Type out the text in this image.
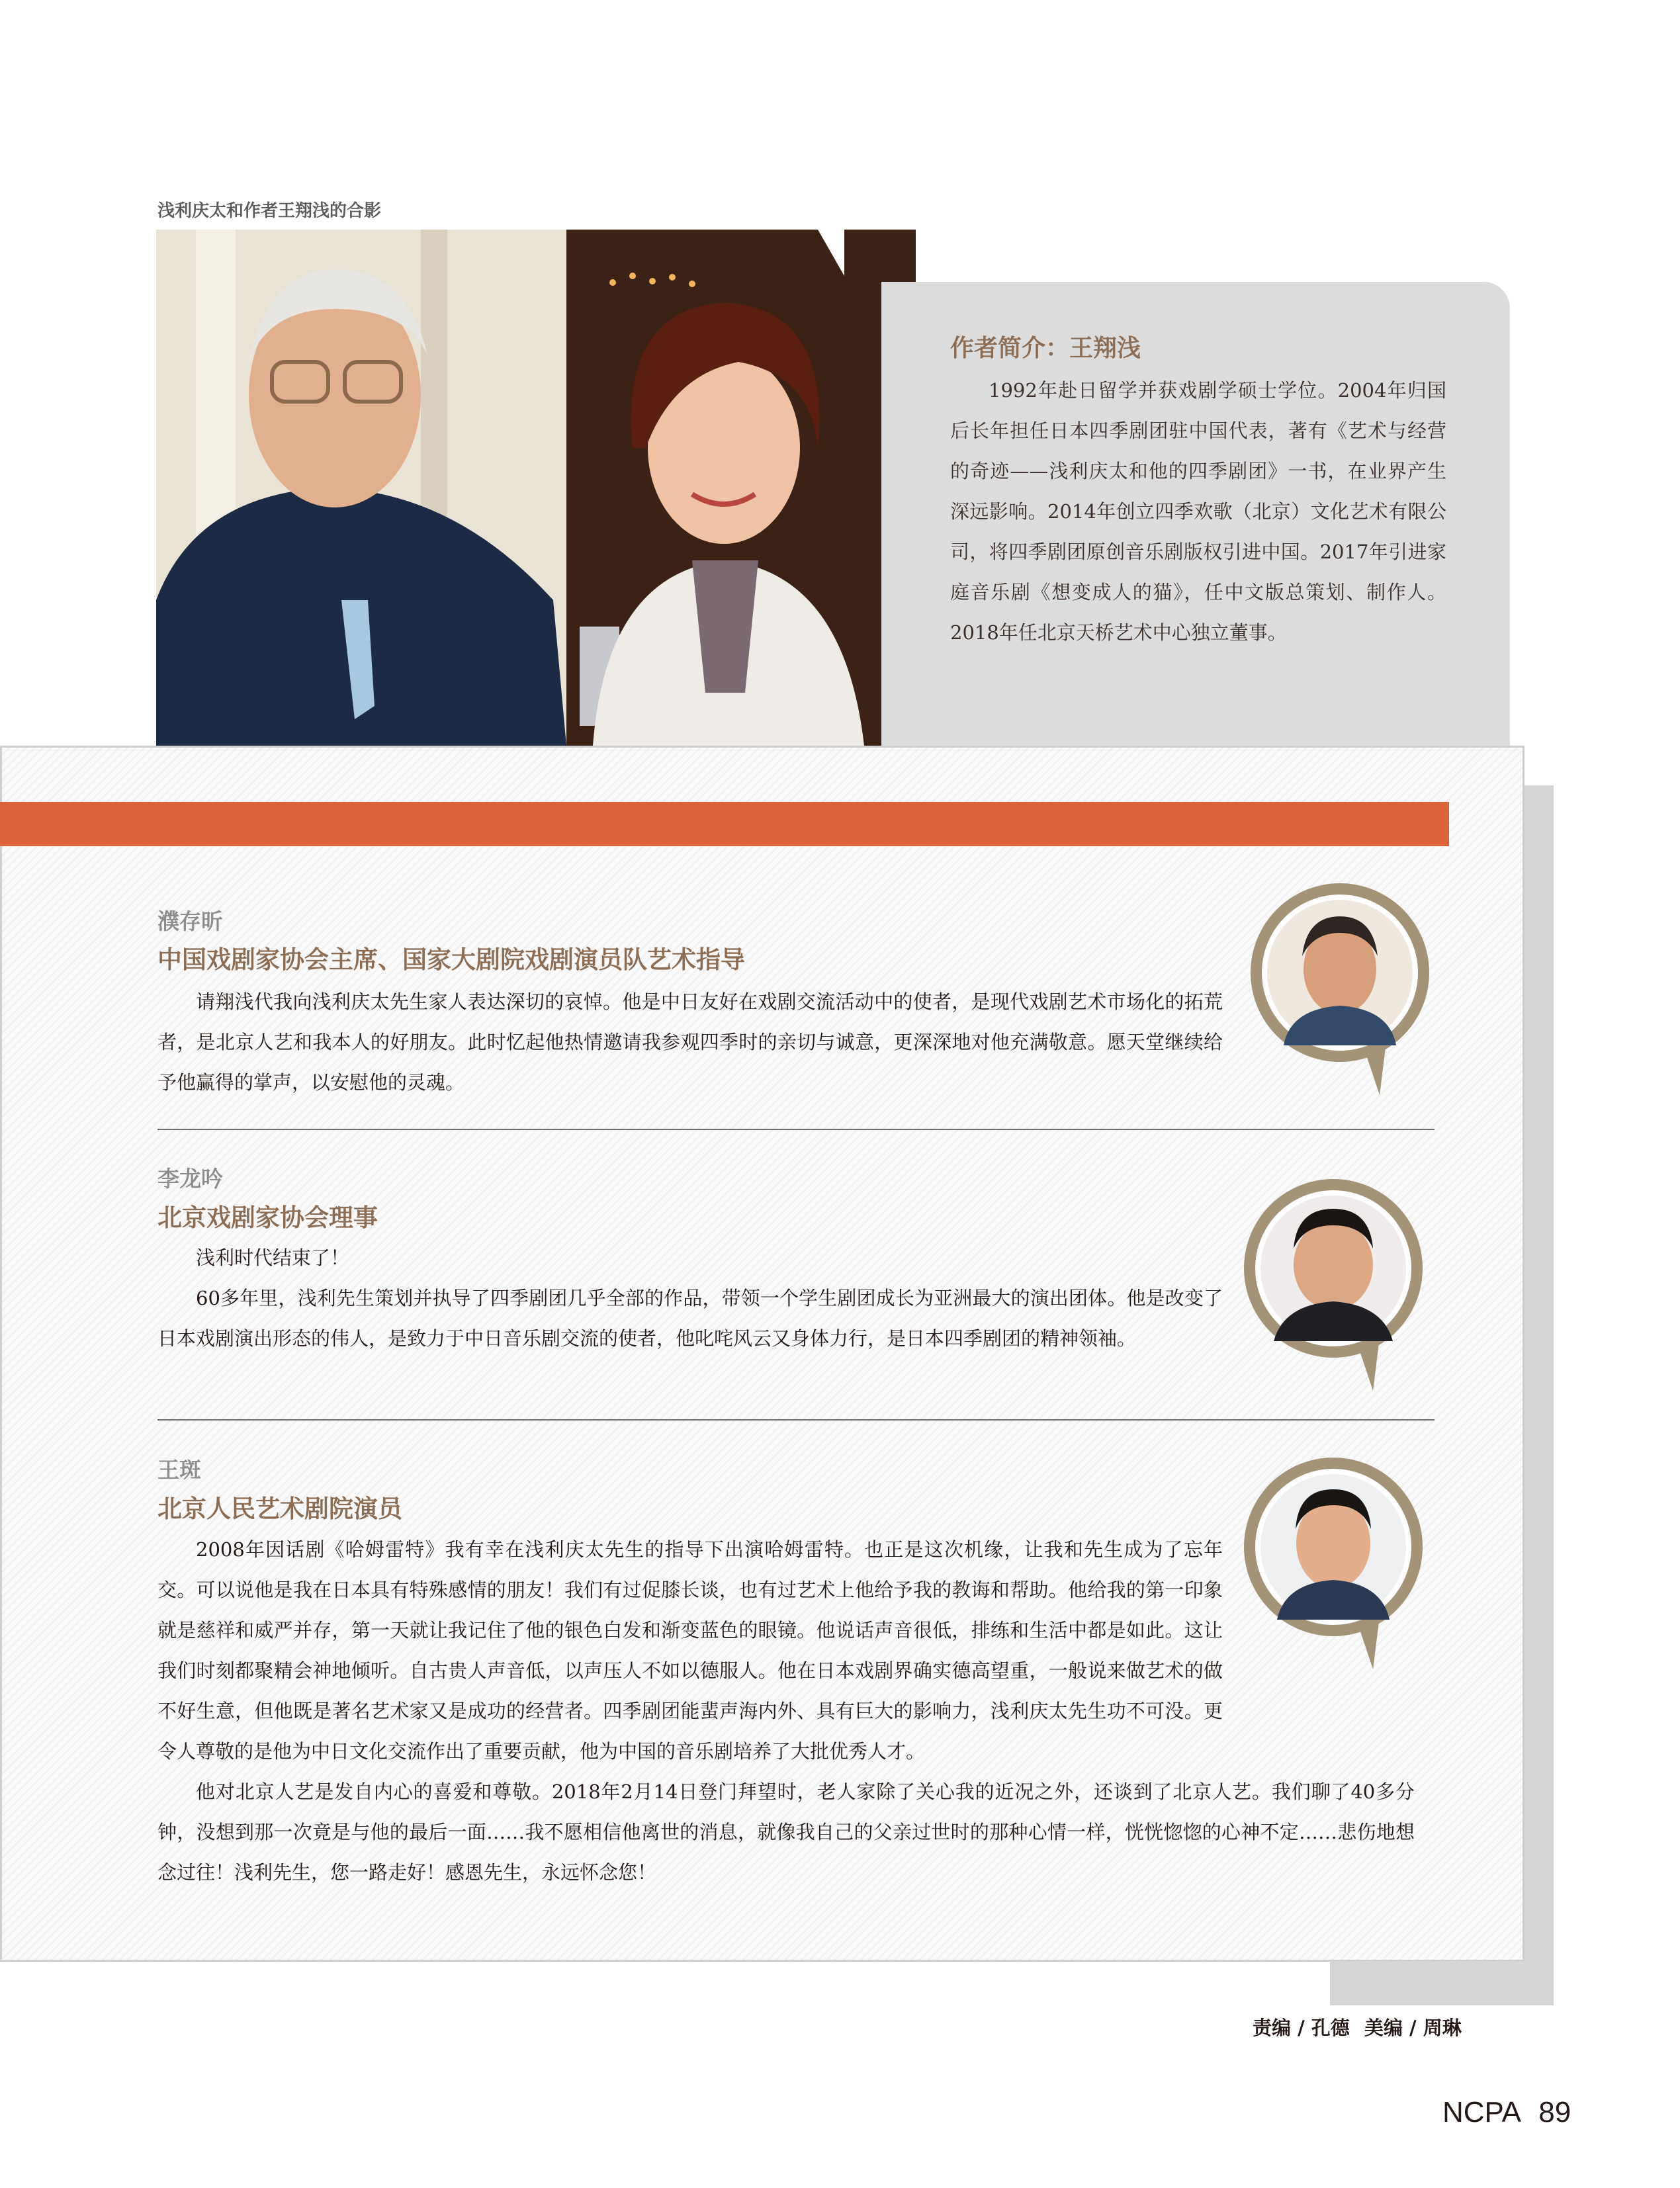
浅利庆太和作者王翔浅的合影
作者简介：王翔浅
1992年赴日留学并获戏剧学硕士学位。2004年归国后长年担任日本四季剧团驻中国代表，著有《艺术与经营的奇迹——浅利庆太和他的四季剧团》一书，在业界产生深远影响。2014年创立四季欢歌（北京）文化艺术有限公司，将四季剧团原创音乐剧版权引进中国。2017年引进家庭音乐剧《想变成人的猫》，任中文版总策划、制作人。2018年任北京天桥艺术中心独立董事。
濮存昕
中国戏剧家协会主席、国家大剧院戏剧演员队艺术指导

请翔浅代我向浅利庆太先生家人表达深切的哀悼。他是中日友好在戏剧交流活动中的使者，是现代戏剧艺术市场化的拓荒者，是北京人艺和我本人的好朋友。此时忆起他热情邀请我参观四季时的亲切与诚意，更深深地对他充满敬意。愿天堂继续给予他赢得的掌声，以安慰他的灵魂。

李龙吟
北京戏剧家协会理事

浅利时代结束了！

60多年里，浅利先生策划并执导了四季剧团几乎全部的作品，带领一个学生剧团成长为亚洲最大的演出团体。他是改变了日本戏剧演出形态的伟人，是致力于中日音乐剧交流的使者，他叱咤风云又身体力行，是日本四季剧团的精神领袖。

王斑
北京人民艺术剧院演员

2008年因话剧《哈姆雷特》我有幸在浅利庆太先生的指导下出演哈姆雷特。也正是这次机缘，让我和先生成为了忘年交。可以说他是我在日本具有特殊感情的朋友！我们有过促膝长谈，也有过艺术上他给予我的教诲和帮助。他给我的第一印象就是慈祥和威严并存，第一天就让我记住了他的银色白发和渐变蓝色的眼镜。他说话声音很低，排练和生活中都是如此。这让我们时刻都聚精会神地倾听。自古贵人声音低，以声压人不如以德服人。他在日本戏剧界确实德高望重，一般说来做艺术的做不好生意，但他既是著名艺术家又是成功的经营者。四季剧团能蜚声海内外、具有巨大的影响力，浅利庆太先生功不可没。更令人尊敬的是他为中日文化交流作出了重要贡献，他为中国的音乐剧培养了大批优秀人才。

他对北京人艺是发自内心的喜爱和尊敬。2018年2月14日登门拜望时，老人家除了关心我的近况之外，还谈到了北京人艺。我们聊了40多分钟，没想到那一次竟是与他的最后一面……我不愿相信他离世的消息，就像我自己的父亲过世时的那种心情一样，恍恍惚惚的心神不定……悲伤地想念过往！浅利先生，您一路走好！感恩先生，永远怀念您！

责编 / 孔德 美编 / 周琳
NCPA 89
